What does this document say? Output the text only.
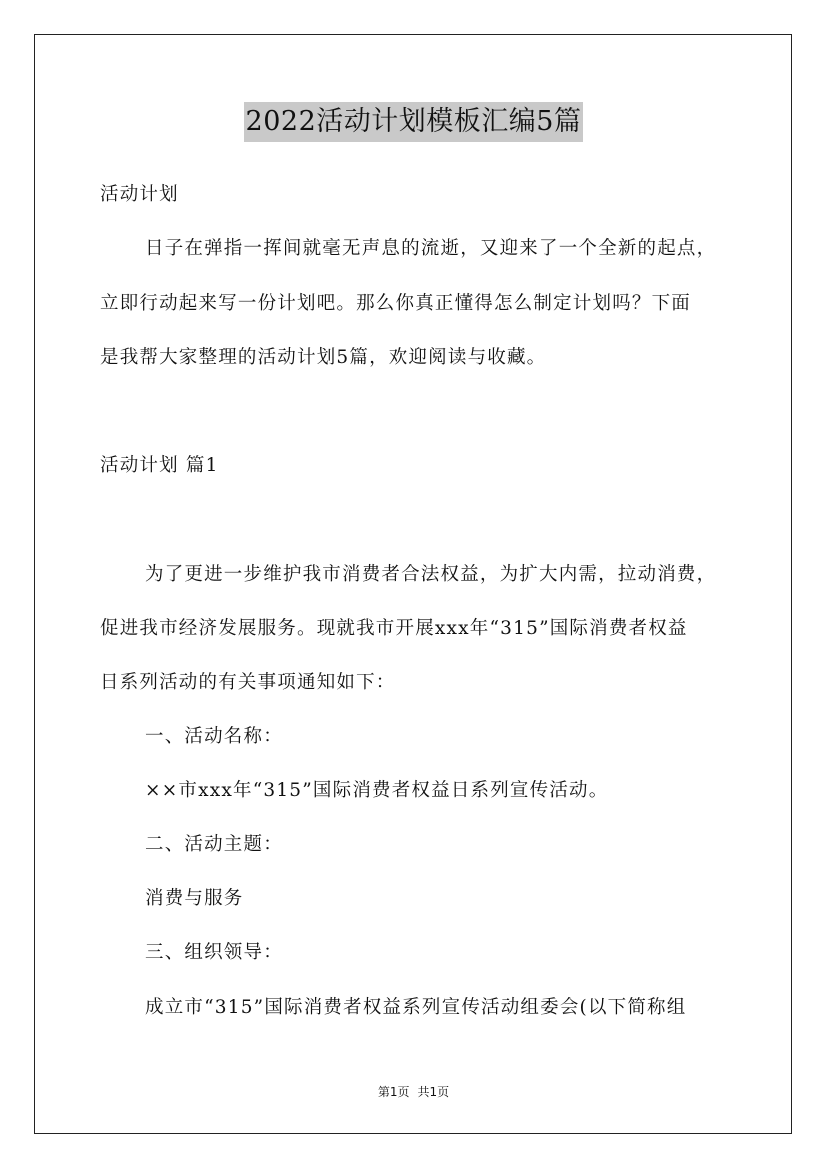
2022活动计划模板汇编5篇
活动计划
日子在弹指一挥间就毫无声息的流逝，又迎来了一个全新的起点，
立即行动起来写一份计划吧。那么你真正懂得怎么制定计划吗？下面
是我帮大家整理的活动计划5篇，欢迎阅读与收藏。
活动计划 篇1
为了更进一步维护我市消费者合法权益，为扩大内需，拉动消费，
促进我市经济发展服务。现就我市开展xxx年“315”国际消费者权益
日系列活动的有关事项通知如下：
一、活动名称：
××市xxx年“315”国际消费者权益日系列宣传活动。
二、活动主题：
消费与服务
三、组织领导：
成立市“315”国际消费者权益系列宣传活动组委会(以下简称组
第1页 共1页
